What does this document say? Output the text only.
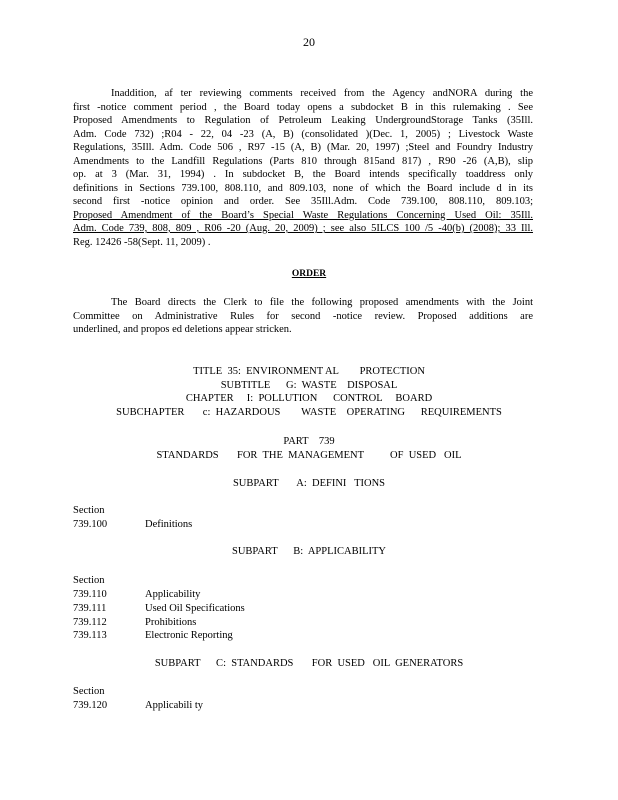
20
Inaddition, af ter reviewing comments received from the Agency andNORA during the
first -notice comment period , the Board today opens a subdocket B in this rulemaking . See
Proposed Amendments to Regulation of Petroleum Leaking UndergroundStorage Tanks (35Ill.
Adm. Code 732) ;R04 - 22, 04 -23 (A, B) (consolidated )(Dec. 1, 2005) ; Livestock Waste
Regulations, 35Ill. Adm. Code 506 , R97 -15 (A, B) (Mar. 20, 1997) ;Steel and Foundry Industry
Amendments to the Landfill Regulations (Parts 810 through 815and 817) , R90 -26 (A,B), slip
op. at 3 (Mar. 31, 1994) . In subdocket B, the Board intends specifically toaddress only
definitions in Sections 739.100, 808.110, and 809.103, none of which the Board include d in its
second first -notice opinion and order. See 35Ill.Adm. Code 739.100, 808.110, 809.103;
Proposed Amendment of the Board’s Special Waste Regulations Concerning Used Oil: 35Ill.
Adm. Code 739, 808, 809 , R06 -20 (Aug. 20, 2009) ; see also 5ILCS 100 /5 -40(b) (2008); 33 Ill.
Reg. 12426 -58(Sept. 11, 2009) .
ORDER
The Board directs the Clerk to file the following proposed amendments with the Joint
Committee on Administrative Rules for second -notice review. Proposed additions are
underlined, and propos ed deletions appear stricken.
TITLE  35:  ENVIRONMENT AL        PROTECTION
SUBTITLE      G:  WASTE    DISPOSAL
CHAPTER     I:  POLLUTION      CONTROL     BOARD
SUBCHAPTER       c:  HAZARDOUS        WASTE    OPERATING      REQUIREMENTS
PART    739
STANDARDS       FOR  THE  MANAGEMENT          OF  USED   OIL
SUBPART       A:  DEFINI   TIONS
Section
739.100	Definitions
SUBPART      B:  APPLICABILITY
Section
739.110	Applicability
739.111	Used Oil Specifications
739.112	Prohibitions
739.113	Electronic Reporting
SUBPART      C:  STANDARDS       FOR  USED   OIL  GENERATORS
Section
739.120	Applicabili ty
